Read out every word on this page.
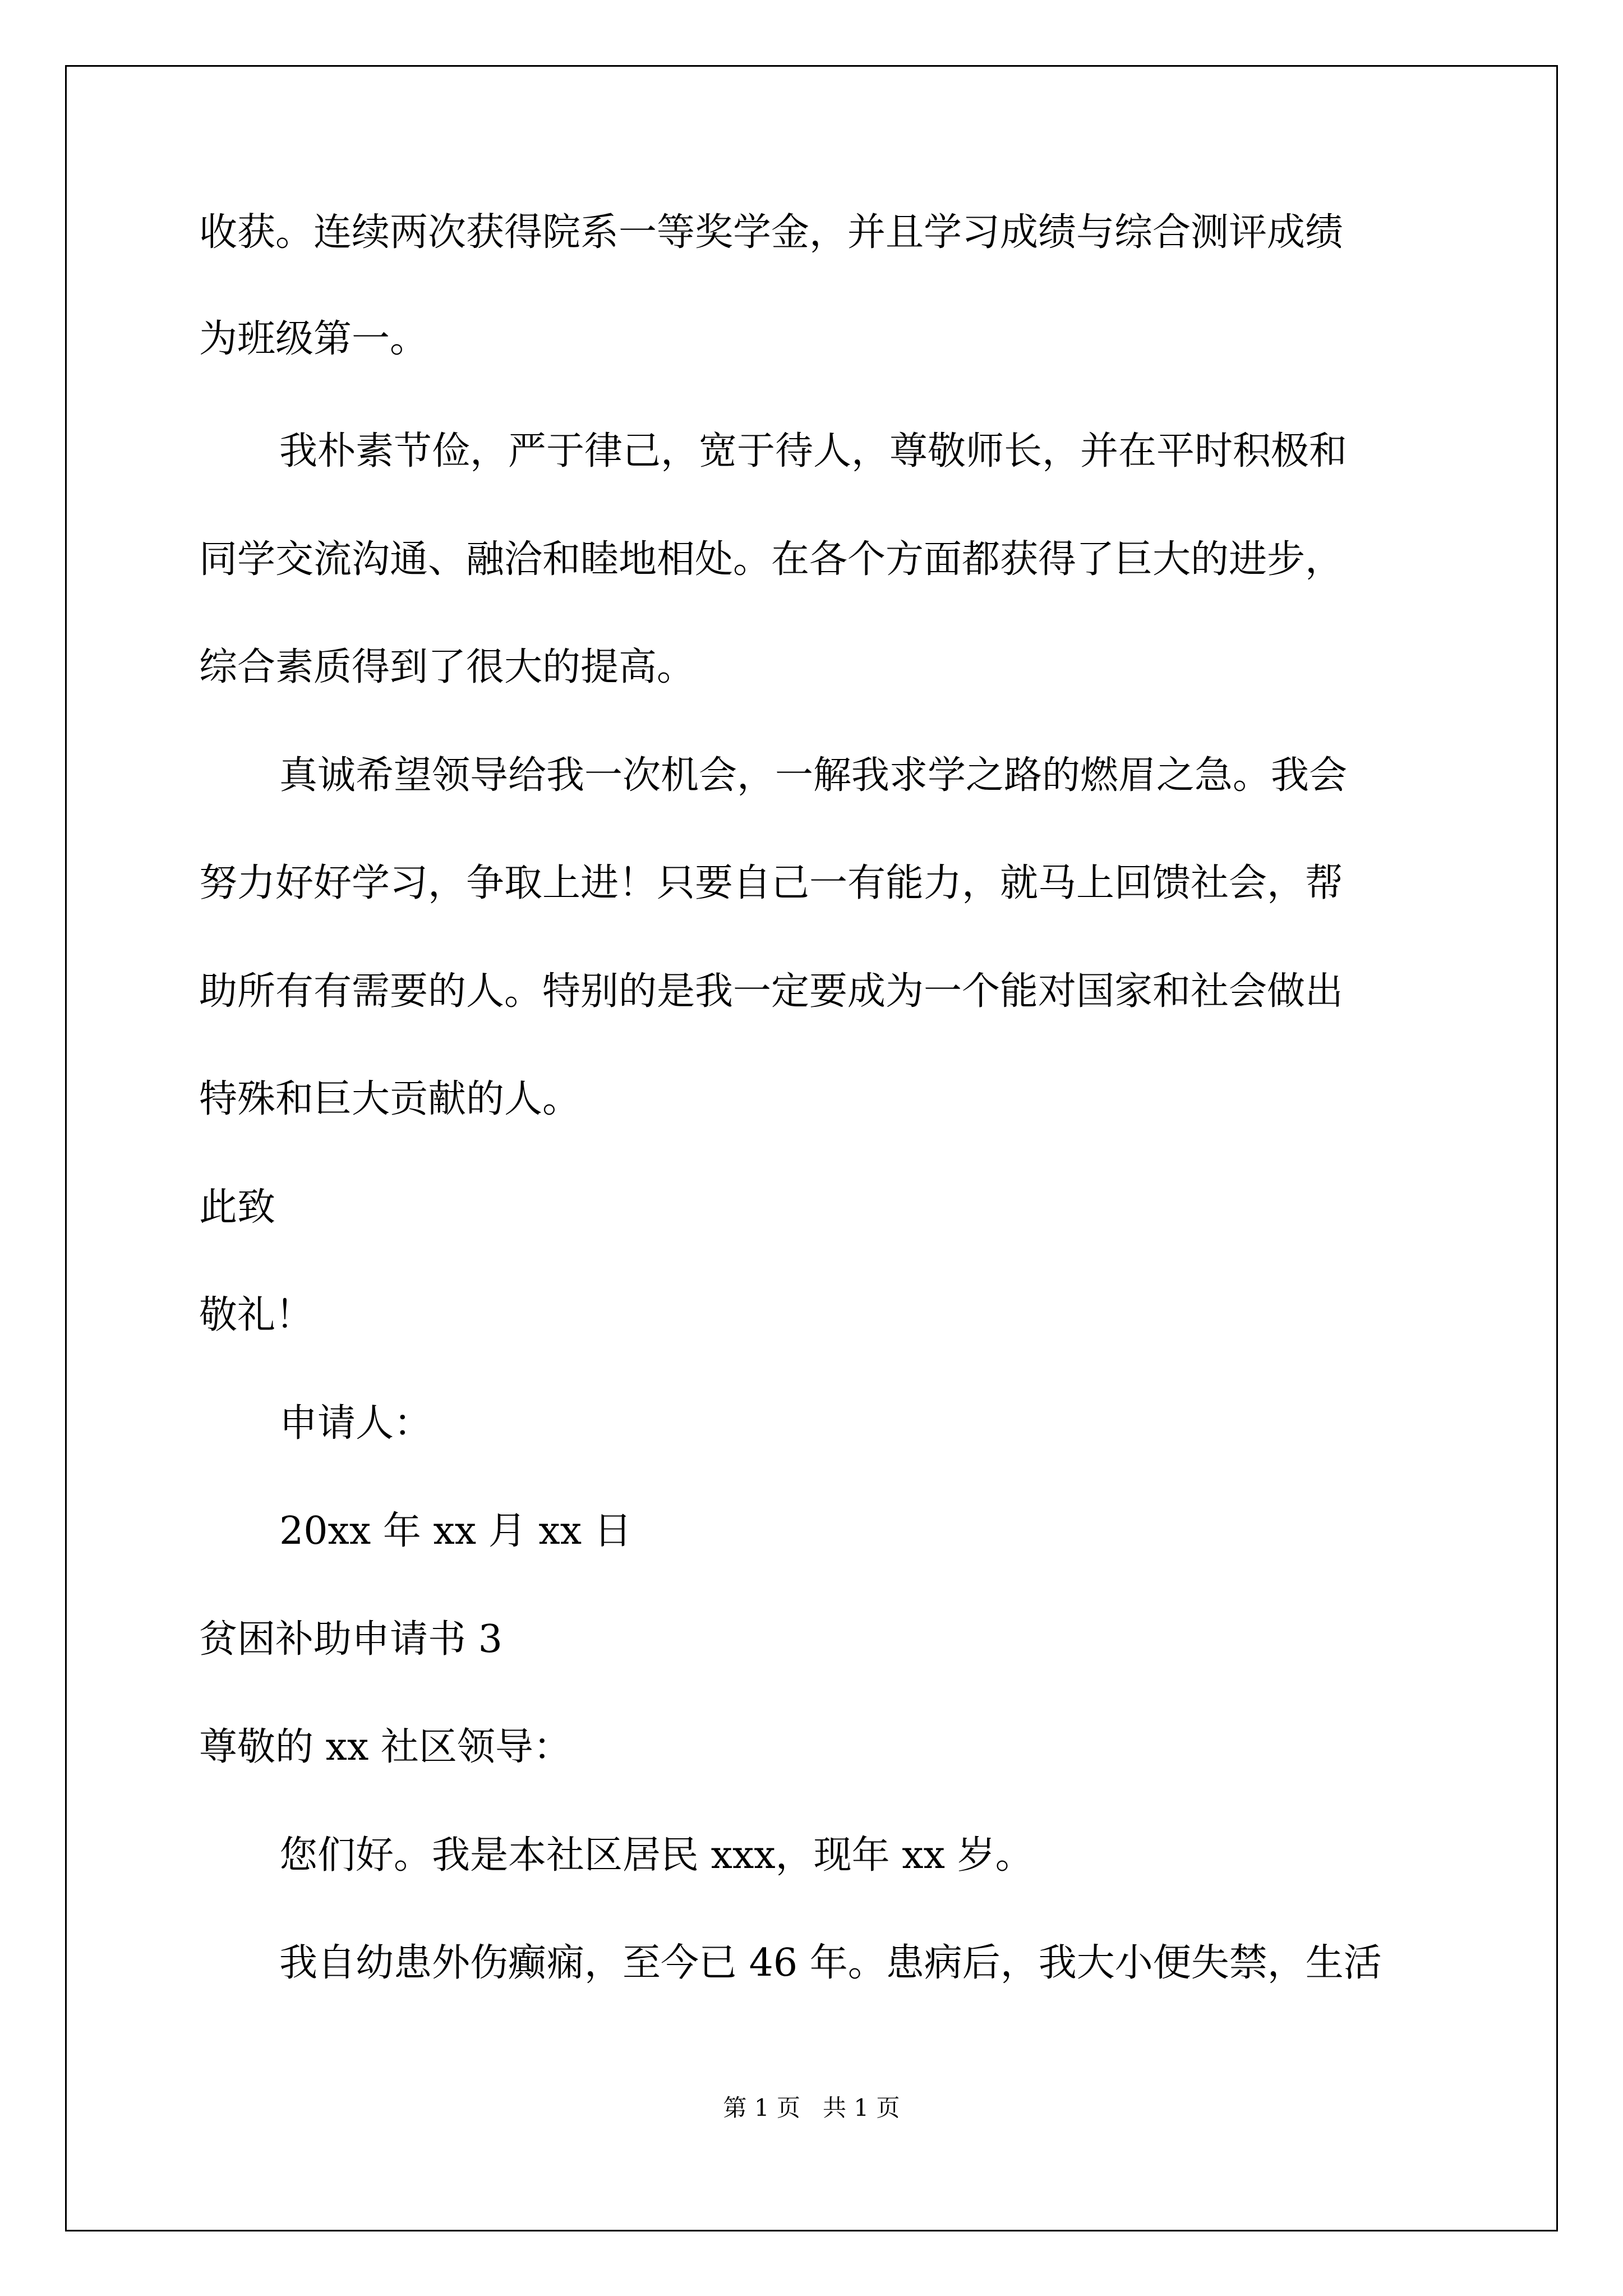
收获。连续两次获得院系一等奖学金，并且学习成绩与综合测评成绩
为班级第一。
我朴素节俭，严于律己，宽于待人，尊敬师长，并在平时积极和
同学交流沟通、融洽和睦地相处。在各个方面都获得了巨大的进步，
综合素质得到了很大的提高。
真诚希望领导给我一次机会，一解我求学之路的燃眉之急。我会
努力好好学习，争取上进！只要自己一有能力，就马上回馈社会，帮
助所有有需要的人。特别的是我一定要成为一个能对国家和社会做出
特殊和巨大贡献的人。
此致
敬礼！
申请人：
20xx 年 xx 月 xx 日
贫困补助申请书 3
尊敬的 xx 社区领导：
您们好。我是本社区居民 xxx，现年 xx 岁。
我自幼患外伤癫痫，至今已 46 年。患病后，我大小便失禁，生活
第 1 页   共 1 页
